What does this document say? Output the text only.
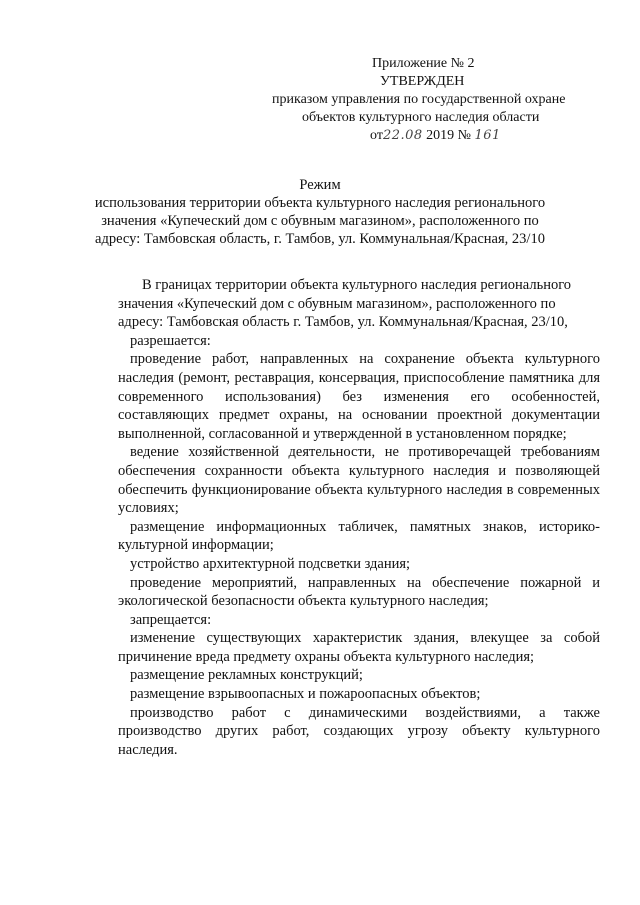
Приложение № 2
УТВЕРЖДЕН
приказом управления по государственной охране
объектов культурного наследия области
от22.08 2019 № 161
Режим
использования территории объекта культурного наследия регионального
значения «Купеческий дом с обувным магазином», расположенного по
адресу: Тамбовская область, г. Тамбов, ул. Коммунальная/Красная, 23/10

В границах территории объекта культурного наследия регионального

значения «Купеческий дом с обувным магазином», расположенного по

адресу: Тамбовская область г. Тамбов, ул. Коммунальная/Красная, 23/10,

разрешается:

проведение работ, направленных на сохранение объекта культурного наследия (ремонт, реставрация, консервация, приспособление памятника для современного использования) без изменения его особенностей, составляющих предмет охраны, на основании проектной документации выполненной, согласованной и утвержденной в установленном порядке;

ведение хозяйственной деятельности, не противоречащей требованиям обеспечения сохранности объекта культурного наследия и позволяющей обеспечить функционирование объекта культурного наследия в современных условиях;

размещение информационных табличек, памятных знаков, историко-культурной информации;

устройство архитектурной подсветки здания;

проведение мероприятий, направленных на обеспечение пожарной и экологической безопасности объекта культурного наследия;

запрещается:

изменение существующих характеристик здания, влекущее за собой причинение вреда предмету охраны объекта культурного наследия;

размещение рекламных конструкций;

размещение взрывоопасных и пожароопасных объектов;

производство работ с динамическими воздействиями, а также производство других работ, создающих угрозу объекту культурного наследия.
